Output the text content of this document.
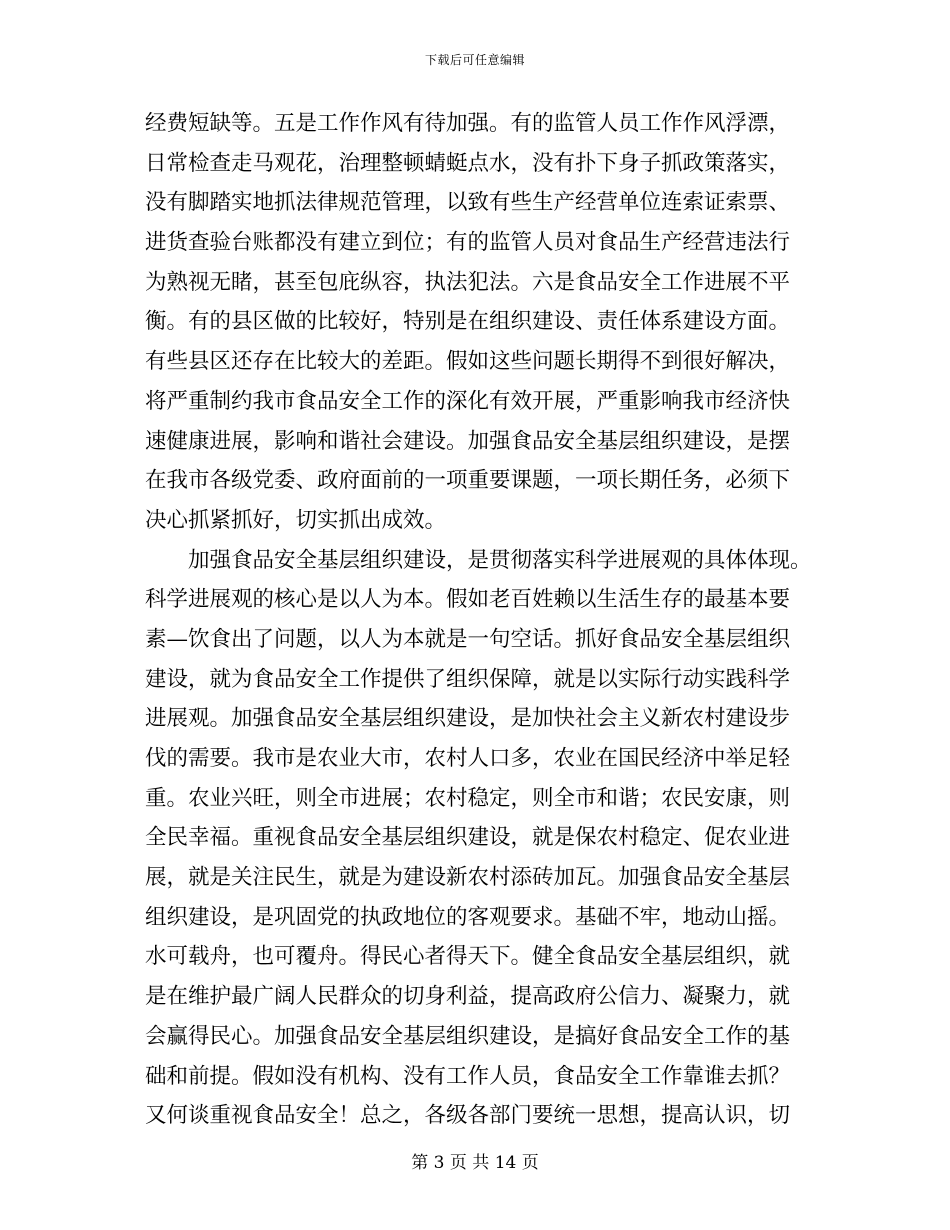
下载后可任意编辑
经费短缺等。五是工作作风有待加强。有的监管人员工作作风浮漂，
日常检查走马观花，治理整顿蜻蜓点水，没有扑下身子抓政策落实，
没有脚踏实地抓法律规范管理，以致有些生产经营单位连索证索票、
进货查验台账都没有建立到位；有的监管人员对食品生产经营违法行
为熟视无睹，甚至包庇纵容，执法犯法。六是食品安全工作进展不平
衡。有的县区做的比较好，特别是在组织建设、责任体系建设方面。
有些县区还存在比较大的差距。假如这些问题长期得不到很好解决，
将严重制约我市食品安全工作的深化有效开展，严重影响我市经济快
速健康进展，影响和谐社会建设。加强食品安全基层组织建设，是摆
在我市各级党委、政府面前的一项重要课题，一项长期任务，必须下
决心抓紧抓好，切实抓出成效。
加强食品安全基层组织建设，是贯彻落实科学进展观的具体体现。
科学进展观的核心是以人为本。假如老百姓赖以生活生存的最基本要
素—饮食出了问题，以人为本就是一句空话。抓好食品安全基层组织
建设，就为食品安全工作提供了组织保障，就是以实际行动实践科学
进展观。加强食品安全基层组织建设，是加快社会主义新农村建设步
伐的需要。我市是农业大市，农村人口多，农业在国民经济中举足轻
重。农业兴旺，则全市进展；农村稳定，则全市和谐；农民安康，则
全民幸福。重视食品安全基层组织建设，就是保农村稳定、促农业进
展，就是关注民生，就是为建设新农村添砖加瓦。加强食品安全基层
组织建设，是巩固党的执政地位的客观要求。基础不牢，地动山摇。
水可载舟，也可覆舟。得民心者得天下。健全食品安全基层组织，就
是在维护最广阔人民群众的切身利益，提高政府公信力、凝聚力，就
会赢得民心。加强食品安全基层组织建设，是搞好食品安全工作的基
础和前提。假如没有机构、没有工作人员，食品安全工作靠谁去抓？
又何谈重视食品安全！总之，各级各部门要统一思想，提高认识，切
第 3 页 共 14 页
